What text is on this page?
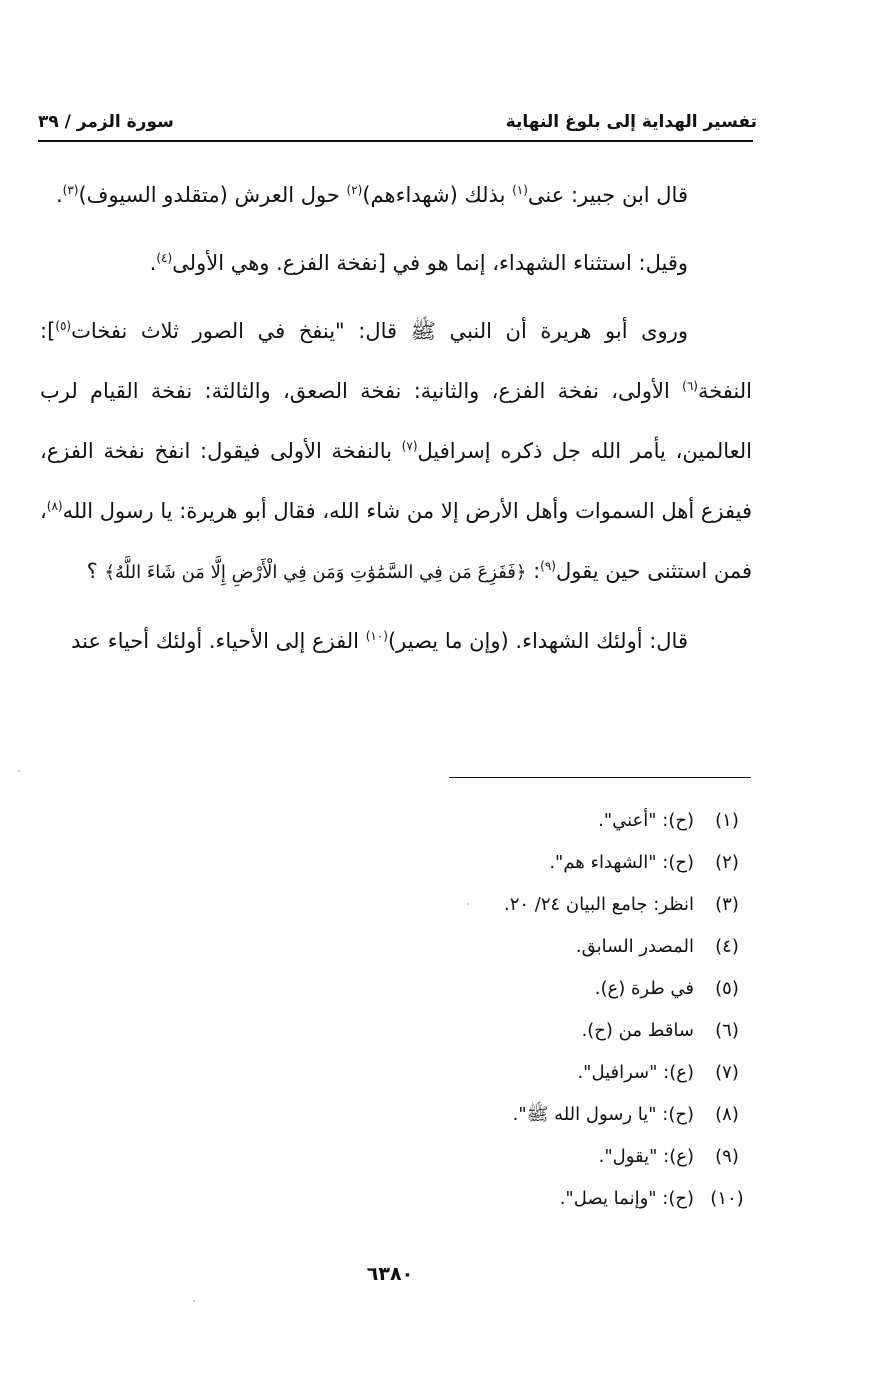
تفسير الهداية إلى بلوغ النهاية
سورة الزمر / ٣٩

قال ابن جبير: عنى$^{(١)}$ بذلك (شهداءهم)$^{(٢)}$ حول العرش (متقلدو السيوف)$^{(٣)}$.

وقيل: استثناء الشهداء، إنما هو في [نفخة الفزع. وهي الأولى$^{(٤)}$.

وروى أبو هريرة أن النبي ﷺ قال: "ينفخ في الصور ثلاث نفخات$^{(٥)}$]: النفخة$^{(٦)}$ الأولى، نفخة الفزع، والثانية: نفخة الصعق، والثالثة: نفخة القيام لرب العالمين، يأمر الله جل ذكره إسرافيل$^{(٧)}$ بالنفخة الأولى فيقول: انفخ نفخة الفزع، فيفزع أهل السموات وأهل الأرض إلا من شاء الله، فقال أبو هريرة: يا رسول الله$^{(٨)}$، فمن استثنى حين يقول$^{(٩)}$: ﴿فَفَزِعَ مَن فِي السَّمَٰوَٰتِ وَمَن فِي الْأَرْضِ إِلَّا مَن شَاءَ اللَّهُ﴾ ؟

قال: أولئك الشهداء. (وإن ما يصير)$^{(١٠)}$ الفزع إلى الأحياء. أولئك أحياء عند

(١)
(ح): "أعني".
(٢)
(ح): "الشهداء هم".
(٣)
انظر: جامع البيان ٢٤/ ٢٠.
(٤)
المصدر السابق.
(٥)
في طرة (ع).
(٦)
ساقط من (ح).
(٧)
(ع): "سرافيل".
(٨)
(ح): "يا رسول الله ﷺ".
(٩)
(ع): "يقول".
(١٠)
(ح): "وإنما يصل".
٦٣٨٠
